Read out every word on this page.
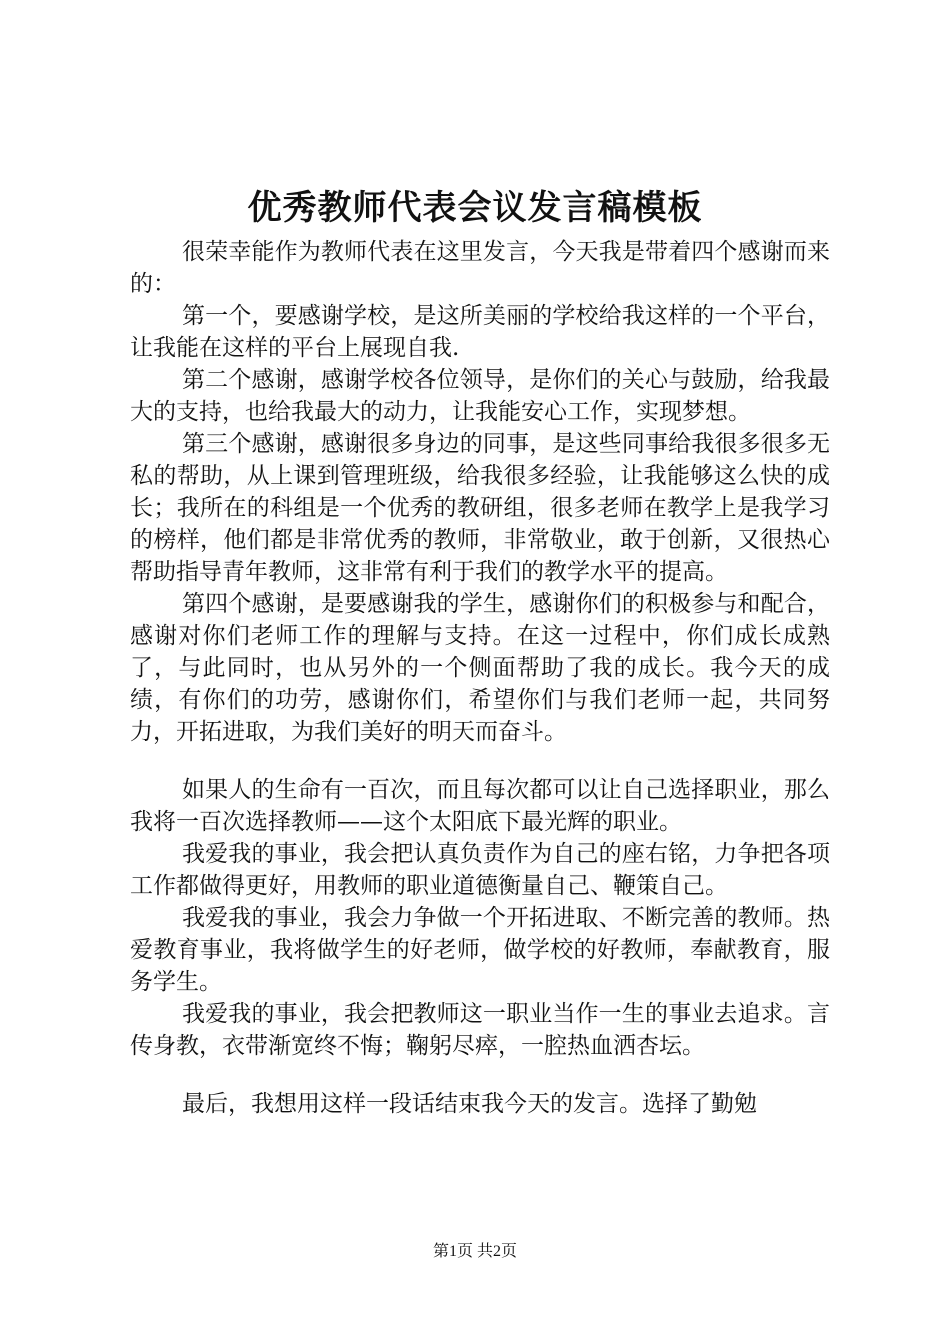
优秀教师代表会议发言稿模板

很荣幸能作为教师代表在这里发言，今天我是带着四个感谢而来的：

第一个，要感谢学校，是这所美丽的学校给我这样的一个平台，让我能在这样的平台上展现自我.

第二个感谢，感谢学校各位领导，是你们的关心与鼓励，给我最大的支持，也给我最大的动力，让我能安心工作，实现梦想。

第三个感谢，感谢很多身边的同事，是这些同事给我很多很多无私的帮助，从上课到管理班级，给我很多经验，让我能够这么快的成长；我所在的科组是一个优秀的教研组，很多老师在教学上是我学习的榜样，他们都是非常优秀的教师，非常敬业，敢于创新，又很热心帮助指导青年教师，这非常有利于我们的教学水平的提高。

第四个感谢，是要感谢我的学生，感谢你们的积极参与和配合，感谢对你们老师工作的理解与支持。在这一过程中，你们成长成熟了，与此同时，也从另外的一个侧面帮助了我的成长。我今天的成绩，有你们的功劳，感谢你们，希望你们与我们老师一起，共同努力，开拓进取，为我们美好的明天而奋斗。

如果人的生命有一百次，而且每次都可以让自己选择职业，那么我将一百次选择教师——这个太阳底下最光辉的职业。

我爱我的事业，我会把认真负责作为自己的座右铭，力争把各项工作都做得更好，用教师的职业道德衡量自己、鞭策自己。

我爱我的事业，我会力争做一个开拓进取、不断完善的教师。热爱教育事业，我将做学生的好老师，做学校的好教师，奉献教育，服务学生。

我爱我的事业，我会把教师这一职业当作一生的事业去追求。言传身教，衣带渐宽终不悔；鞠躬尽瘁，一腔热血洒杏坛。

最后，我想用这样一段话结束我今天的发言。选择了勤勉

第1页 共2页
